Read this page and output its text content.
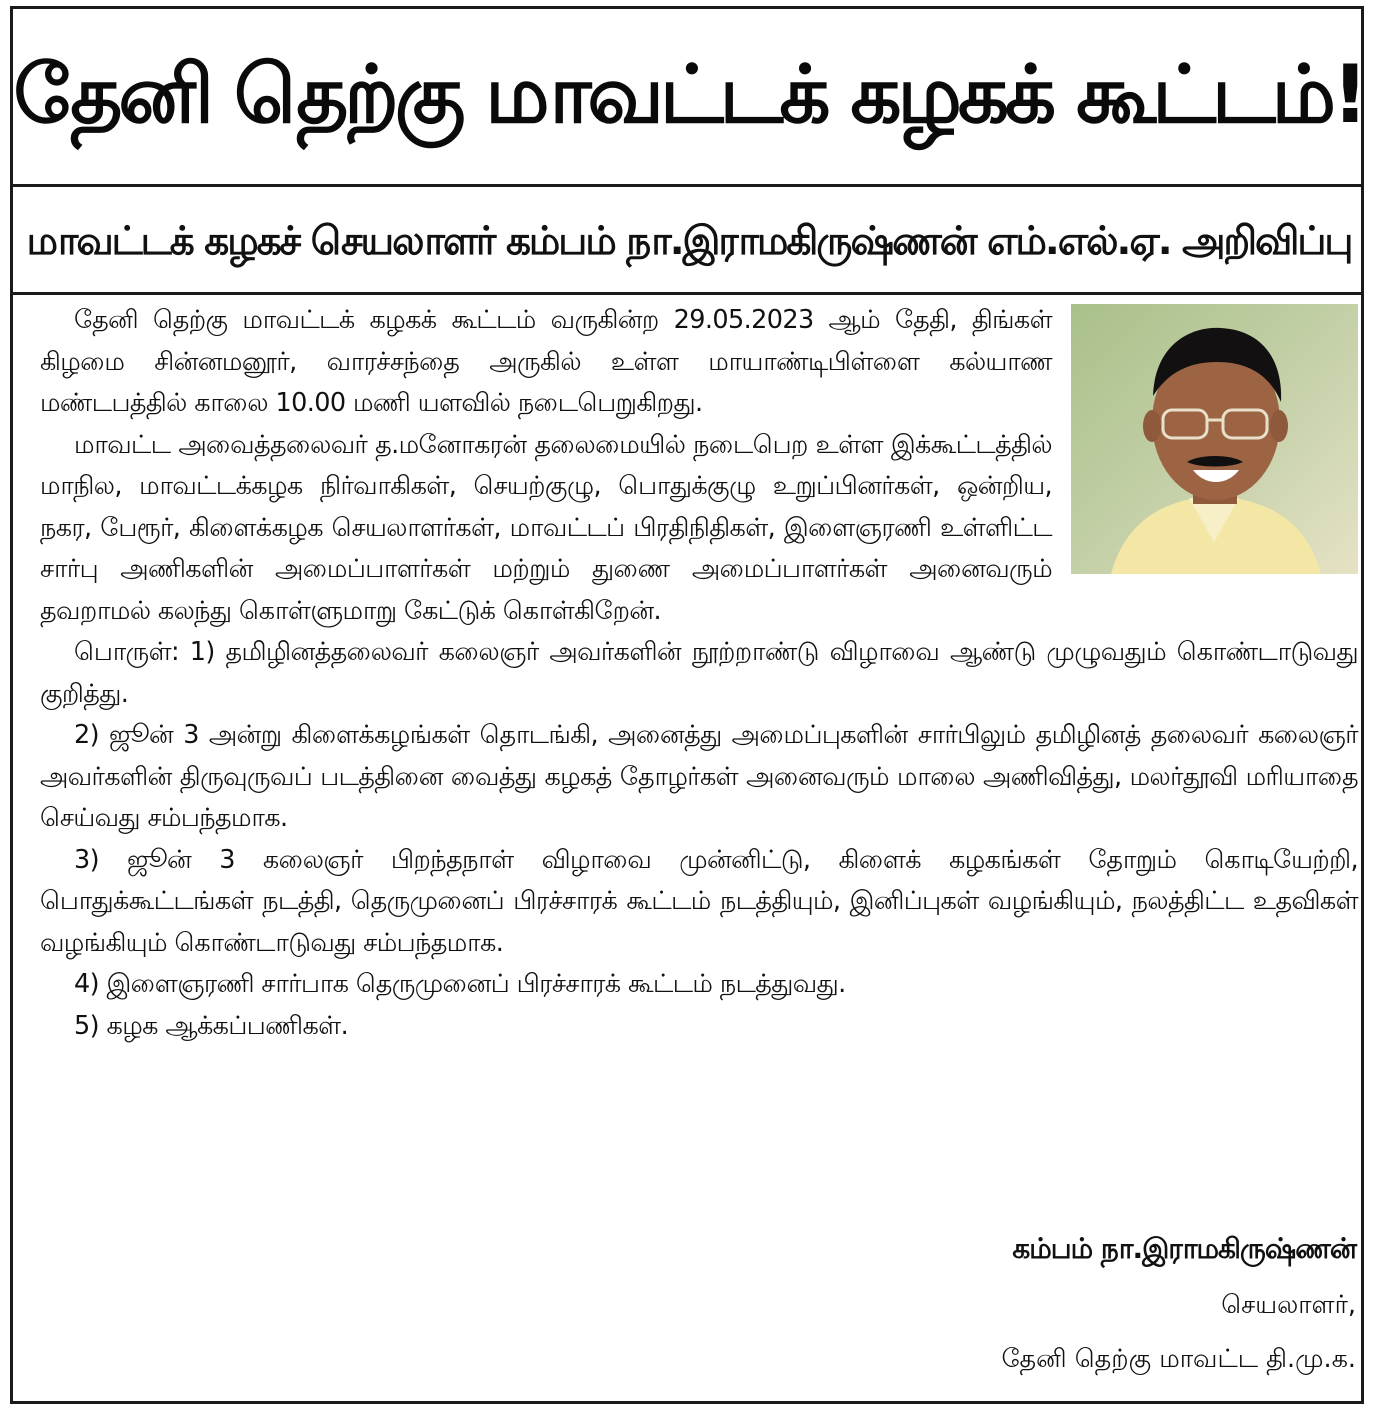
தேனி தெற்கு மாவட்டக் கழகக் கூட்டம்!
மாவட்டக் கழகச் செயலாளர் கம்பம் நா.இராமகிருஷ்ணன் எம்.எல்.ஏ. அறிவிப்பு

தேனி தெற்கு மாவட்டக் கழகக் கூட்டம் வருகின்ற 29.05.2023 ஆம் தேதி, திங்கள் கிழமை சின்னமனூர், வாரச்சந்தை அருகில் உள்ள மாயாண்டிபிள்ளை கல்யாண மண்டபத்தில் காலை 10.00 மணி யளவில் நடைபெறுகிறது.

மாவட்ட அவைத்தலைவர் த.மனோகரன் தலைமையில் நடைபெற உள்ள இக்கூட்டத்தில் மாநில, மாவட்டக்கழக நிர்வாகிகள், செயற்குழு, பொதுக்குழு உறுப்பினர்கள், ஒன்றிய, நகர, பேரூர், கிளைக்கழக செயலாளர்கள், மாவட்டப் பிரதிநிதிகள், இளைஞரணி உள்ளிட்ட சார்பு அணிகளின் அமைப்பாளர்கள் மற்றும் துணை அமைப்பாளர்கள் அனைவரும் தவறாமல் கலந்து கொள்ளுமாறு கேட்டுக் கொள்கிறேன்.

பொருள்: 1) தமிழினத்தலைவர் கலைஞர் அவர்களின் நூற்றாண்டு விழாவை ஆண்டு முழுவதும் கொண்டாடுவது குறித்து.

2) ஜூன் 3 அன்று கிளைக்கழங்கள் தொடங்கி, அனைத்து அமைப்புகளின் சார்பிலும் தமிழினத் தலைவர் கலைஞர் அவர்களின் திருவுருவப் படத்தினை வைத்து கழகத் தோழர்கள் அனைவரும் மாலை அணிவித்து, மலர்தூவி மரியாதை செய்வது சம்பந்தமாக.

3) ஜூன் 3 கலைஞர் பிறந்தநாள் விழாவை முன்னிட்டு, கிளைக் கழகங்கள் தோறும் கொடியேற்றி, பொதுக்கூட்டங்கள் நடத்தி, தெருமுனைப் பிரச்சாரக் கூட்டம் நடத்தியும், இனிப்புகள் வழங்கியும், நலத்திட்ட உதவிகள் வழங்கியும் கொண்டாடுவது சம்பந்தமாக.

4) இளைஞரணி சார்பாக தெருமுனைப் பிரச்சாரக் கூட்டம் நடத்துவது.

5) கழக ஆக்கப்பணிகள்.

கம்பம் நா.இராமகிருஷ்ணன்
செயலாளர்,
தேனி தெற்கு மாவட்ட தி.மு.க.
